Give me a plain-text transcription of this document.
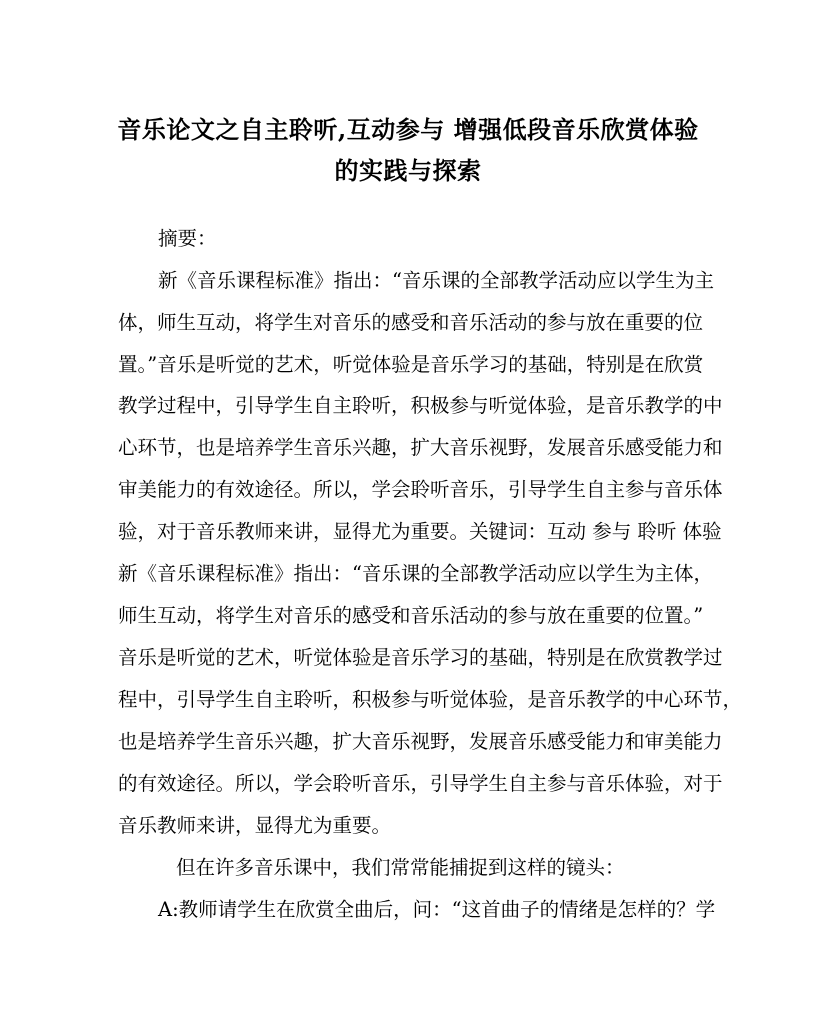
音乐论文之自主聆听,互动参与 增强低段音乐欣赏体验
的实践与探索
摘要：
新《音乐课程标准》指出：“音乐课的全部教学活动应以学生为主
体，师生互动，将学生对音乐的感受和音乐活动的参与放在重要的位
置。”音乐是听觉的艺术，听觉体验是音乐学习的基础，特别是在欣赏
教学过程中，引导学生自主聆听，积极参与听觉体验，是音乐教学的中
心环节，也是培养学生音乐兴趣，扩大音乐视野，发展音乐感受能力和
审美能力的有效途径。所以，学会聆听音乐，引导学生自主参与音乐体
验，对于音乐教师来讲，显得尤为重要。关键词：互动 参与 聆听 体验
新《音乐课程标准》指出：“音乐课的全部教学活动应以学生为主体，
师生互动，将学生对音乐的感受和音乐活动的参与放在重要的位置。”
音乐是听觉的艺术，听觉体验是音乐学习的基础，特别是在欣赏教学过
程中，引导学生自主聆听，积极参与听觉体验，是音乐教学的中心环节，
也是培养学生音乐兴趣，扩大音乐视野，发展音乐感受能力和审美能力
的有效途径。所以，学会聆听音乐，引导学生自主参与音乐体验，对于
音乐教师来讲，显得尤为重要。
但在许多音乐课中，我们常常能捕捉到这样的镜头：
A:教师请学生在欣赏全曲后，问：“这首曲子的情绪是怎样的？学
